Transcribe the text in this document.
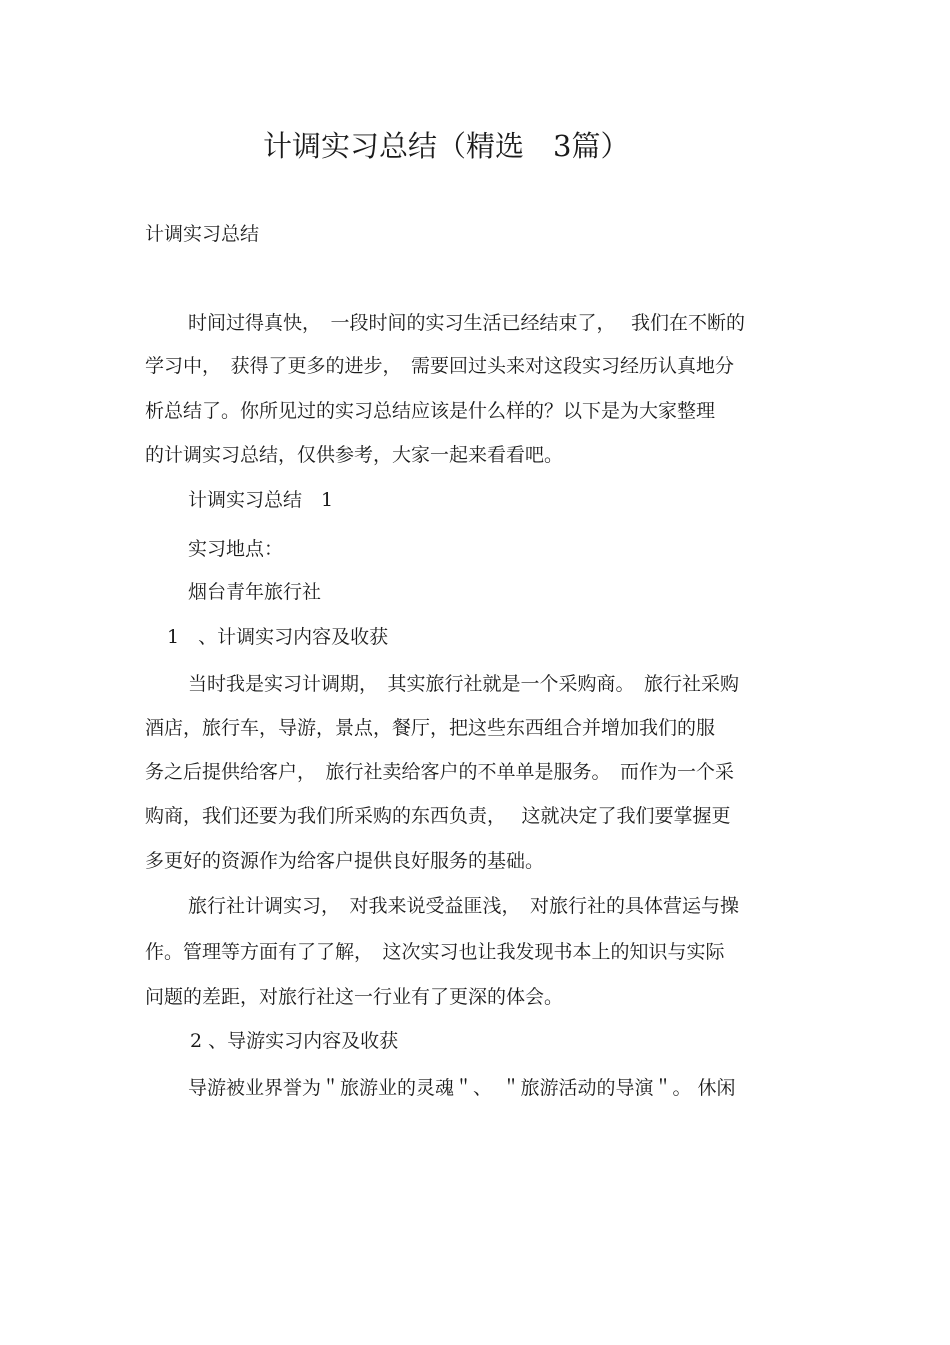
计调实习总结（精选　3篇）
计调实习总结
时间过得真快，　一段时间的实习生活已经结束了，　 我们在不断的
学习中，　获得了更多的进步，　需要回过头来对这段实习经历认真地分
析总结了。你所见过的实习总结应该是什么样的？以下是为大家整理
的计调实习总结，仅供参考，大家一起来看看吧。
计调实习总结　1
实习地点：
烟台青年旅行社
1　、计调实习内容及收获
当时我是实习计调期，　其实旅行社就是一个采购商。　旅行社采购
酒店，旅行车，导游，景点，餐厅，把这些东西组合并增加我们的服
务之后提供给客户，　旅行社卖给客户的不单单是服务。　而作为一个采
购商，我们还要为我们所采购的东西负责，　 这就决定了我们要掌握更
多更好的资源作为给客户提供良好服务的基础。
旅行社计调实习，　对我来说受益匪浅，　对旅行社的具体营运与操
作。管理等方面有了了解，　这次实习也让我发现书本上的知识与实际
问题的差距，对旅行社这一行业有了更深的体会。
2 、导游实习内容及收获
导游被业界誉为＂旅游业的灵魂＂、　＂旅游活动的导演＂。 休闲
